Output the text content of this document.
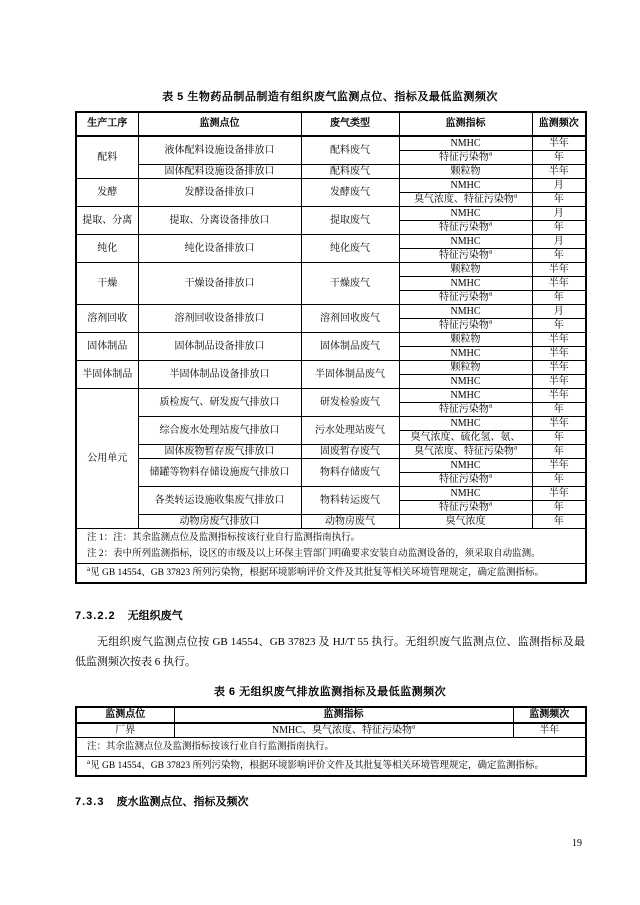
表 5 生物药品制品制造有组织废气监测点位、指标及最低监测频次
生产工序	监测点位	废气类型	监测指标	监测频次
配料	液体配料设施设备排放口	配料废气	NMHC	半年
			特征污染物$^a$	年
	固体配料设施设备排放口	配料废气	颗粒物	半年
发酵	发酵设备排放口	发酵废气	NMHC	月
			臭气浓度、特征污染物$^a$	年
提取、分离	提取、分离设备排放口	提取废气	NMHC	月
			特征污染物$^a$	年
纯化	纯化设备排放口	纯化废气	NMHC	月
			特征污染物$^a$	年
干燥	干燥设备排放口	干燥废气	颗粒物	半年
			NMHC	半年
			特征污染物$^a$	年
溶剂回收	溶剂回收设备排放口	溶剂回收废气	NMHC	月
			特征污染物$^a$	年
固体制品	固体制品设备排放口	固体制品废气	颗粒物	半年
			NMHC	半年
半固体制品	半固体制品设备排放口	半固体制品废气	颗粒物	半年
			NMHC	半年
公用单元	质检废气、研发废气排放口	研发检验废气	NMHC	半年
			特征污染物$^a$	年
	综合废水处理站废气排放口	污水处理站废气	NMHC	半年
			臭气浓度、硫化氢、氨、	年
	固体废物暂存废气排放口	固废暂存废气	臭气浓度、特征污染物$^a$	年
	储罐等物料存储设施废气排放口	物料存储废气	NMHC	半年
			特征污染物$^a$	年
	各类转运设施收集废气排放口	物料转运废气	NMHC	半年
			特征污染物$^a$	年
	动物房废气排放口	动物房废气	臭气浓度	年

注 1：注：其余监测点位及监测指标按该行业自行监测指南执行。
注 2：表中所列监测指标，设区的市级及以上环保主管部门明确要求安装自动监测设备的，须采取自动监测。				

$^a$见 GB 14554、GB 37823 所列污染物，根据环境影响评价文件及其批复等相关环境管理规定，确定监测指标。				
7.3.2.2 无组织废气

无组织废气监测点位按 GB 14554、GB 37823 及 HJ/T 55 执行。无组织废气监测点位、监测指标及最低监测频次按表 6 执行。

表 6 无组织废气排放监测指标及最低监测频次
监测点位	监测指标	监测频次
厂界	NMHC、臭气浓度、特征污染物$^a$	半年

注：其余监测点位及监测指标按该行业自行监测指南执行。		

$^a$见 GB 14554、GB 37823 所列污染物，根据环境影响评价文件及其批复等相关环境管理规定，确定监测指标。		
7.3.3 废水监测点位、指标及频次
19
